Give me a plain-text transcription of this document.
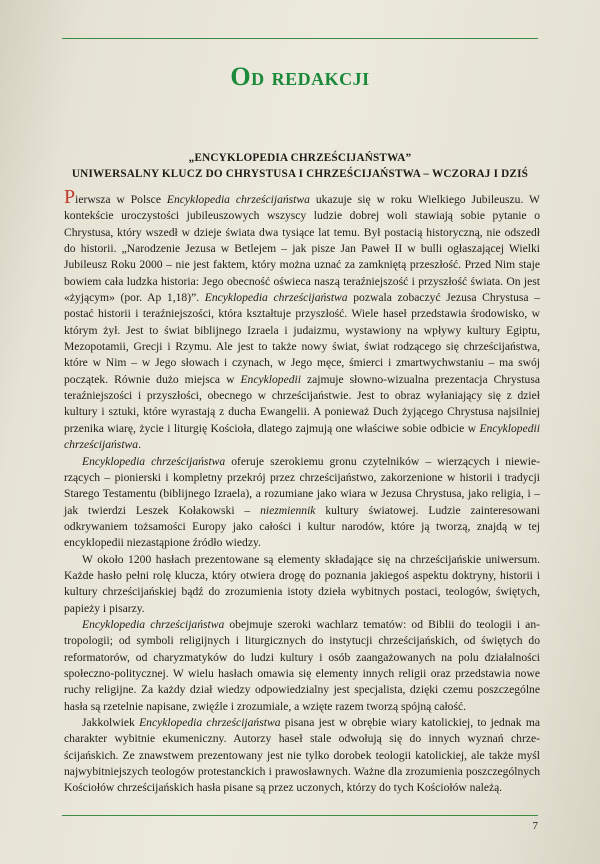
Od redakcji
„ENCYKLOPEDIA CHRZEŚCIJAŃSTWA”
UNIWERSALNY KLUCZ DO CHRYSTUSA I CHRZEŚCIJAŃSTWA – WCZORAJ I DZIŚ

Pierwsza w Polsce Encyklopedia chrześcijaństwa ukazuje się w roku Wielkiego Jubileuszu. W kontekście uroczystości jubileuszowych wszyscy ludzie dobrej woli stawiają sobie pytanie o Chrystusa, który wszedł w dzieje świata dwa tysiące lat temu. Był postacią historyczną, nie odszedł do historii. „Narodzenie Jezusa w Betlejem – jak pisze Jan Paweł II w bulli ogłaszającej Wielki Jubileusz Roku 2000 – nie jest faktem, który można uznać za zamkniętą przeszłość. Przed Nim staje bowiem cała ludzka historia: Jego obecność oświeca naszą teraźniejszość i przyszłość świata. On jest «żyjącym» (por. Ap 1,18)”. Encyklopedia chrześcijaństwa pozwala zobaczyć Jezusa Chrystusa – postać historii i teraźniejszości, która kształtuje przyszłość. Wiele haseł przedstawia środowisko, w którym żył. Jest to świat biblijnego Izraela i judaizmu, wystawiony na wpływy kultury Egiptu, Mezopotamii, Grecji i Rzymu. Ale jest to także nowy świat, świat rodzącego się chrześcijaństwa, które w Nim – w Jego słowach i czynach, w Jego męce, śmierci i zmartwychwstaniu – ma swój początek. Równie dużo miejsca w Encyklopedii zajmuje słowno-wizualna prezentacja Chrystusa teraźniejszości i przyszłości, obecnego w chrześcijaństwie. Jest to obraz wyłaniający się z dzieł kultury i sztuki, które wyrastają z ducha Ewangelii. A ponieważ Duch żyjącego Chrystusa najsilniej przenika wiarę, życie i liturgię Kościoła, dlatego zajmują one właściwe sobie odbicie w Encyklopedii chrześcijaństwa.

Encyklopedia chrześcijaństwa oferuje szerokiemu gronu czytelników – wierzących i niewierzących – pionierski i kompletny przekrój przez chrześcijaństwo, zakorzenione w historii i tradycji Starego Testamentu (biblijnego Izraela), a rozumiane jako wiara w Jezusa Chrystusa, jako religia, i – jak twierdzi Leszek Kołakowski – niezmiennik kultury światowej. Ludzie zainteresowani odkrywaniem tożsamości Europy jako całości i kultur narodów, które ją tworzą, znajdą w tej encyklopedii niezastąpione źródło wiedzy.

W około 1200 hasłach prezentowane są elementy składające się na chrześcijańskie uniwersum. Każde hasło pełni rolę klucza, który otwiera drogę do poznania jakiegoś aspektu doktryny, historii i kultury chrześcijańskiej bądź do zrozumienia istoty dzieła wybitnych postaci, teologów, świętych, papieży i pisarzy.

Encyklopedia chrześcijaństwa obejmuje szeroki wachlarz tematów: od Biblii do teologii i antropologii; od symboli religijnych i liturgicznych do instytucji chrześcijańskich, od świętych do reformatorów, od charyzmatyków do ludzi kultury i osób zaangażowanych na polu działalności społeczno-politycznej. W wielu hasłach omawia się elementy innych religii oraz przedstawia nowe ruchy religijne. Za każdy dział wiedzy odpowiedzialny jest specjalista, dzięki czemu poszczególne hasła są rzetelnie napisane, zwięźle i zrozumiale, a wzięte razem tworzą spójną całość.

Jakkolwiek Encyklopedia chrześcijaństwa pisana jest w obrębie wiary katolickiej, to jednak ma charakter wybitnie ekumeniczny. Autorzy haseł stale odwołują się do innych wyznań chrześcijańskich. Ze znawstwem prezentowany jest nie tylko dorobek teologii katolickiej, ale także myśl najwybitniejszych teologów protestanckich i prawosławnych. Ważne dla zrozumienia poszczególnych Kościołów chrześcijańskich hasła pisane są przez uczonych, którzy do tych Kościołów należą.

7
